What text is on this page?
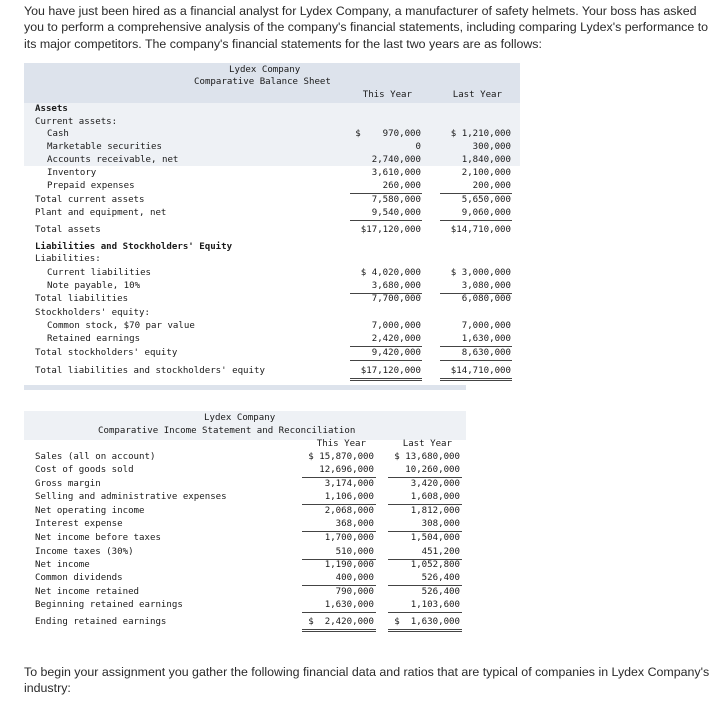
You have just been hired as a financial analyst for Lydex Company, a manufacturer of safety helmets. Your boss has asked you to perform a comprehensive analysis of the company's financial statements, including comparing Lydex's performance to its major competitors. The company's financial statements for the last two years are as follows:

Lydex Company
Comparative Balance Sheet
This Year	Last Year
Assets
Current assets:
Cash	$    970,000	$ 1,210,000
Marketable securities	0	300,000
Accounts receivable, net	2,740,000	1,840,000
Inventory	3,610,000	2,100,000
Prepaid expenses	260,000	200,000
Total current assets	7,580,000	5,650,000
Plant and equipment, net	9,540,000	9,060,000
Total assets	$17,120,000	$14,710,000
Liabilities and Stockholders' Equity
Liabilities:
Current liabilities	$ 4,020,000	$ 3,000,000
Note payable, 10%	3,680,000	3,080,000
Total liabilities	7,700,000	6,080,000
Stockholders' equity:
Common stock, $70 par value	7,000,000	7,000,000
Retained earnings	2,420,000	1,630,000
Total stockholders' equity	9,420,000	8,630,000
Total liabilities and stockholders' equity	$17,120,000	$14,710,000
Lydex Company
Comparative Income Statement and Reconciliation
This Year	Last Year
Sales (all on account)	$ 15,870,000	$ 13,680,000
Cost of goods sold	12,696,000	10,260,000
Gross margin	3,174,000	3,420,000
Selling and administrative expenses	1,106,000	1,608,000
Net operating income	2,068,000	1,812,000
Interest expense	368,000	308,000
Net income before taxes	1,700,000	1,504,000
Income taxes (30%)	510,000	451,200
Net income	1,190,000	1,052,800
Common dividends	400,000	526,400
Net income retained	790,000	526,400
Beginning retained earnings	1,630,000	1,103,600
Ending retained earnings	$  2,420,000	$  1,630,000

To begin your assignment you gather the following financial data and ratios that are typical of companies in Lydex Company's industry:
